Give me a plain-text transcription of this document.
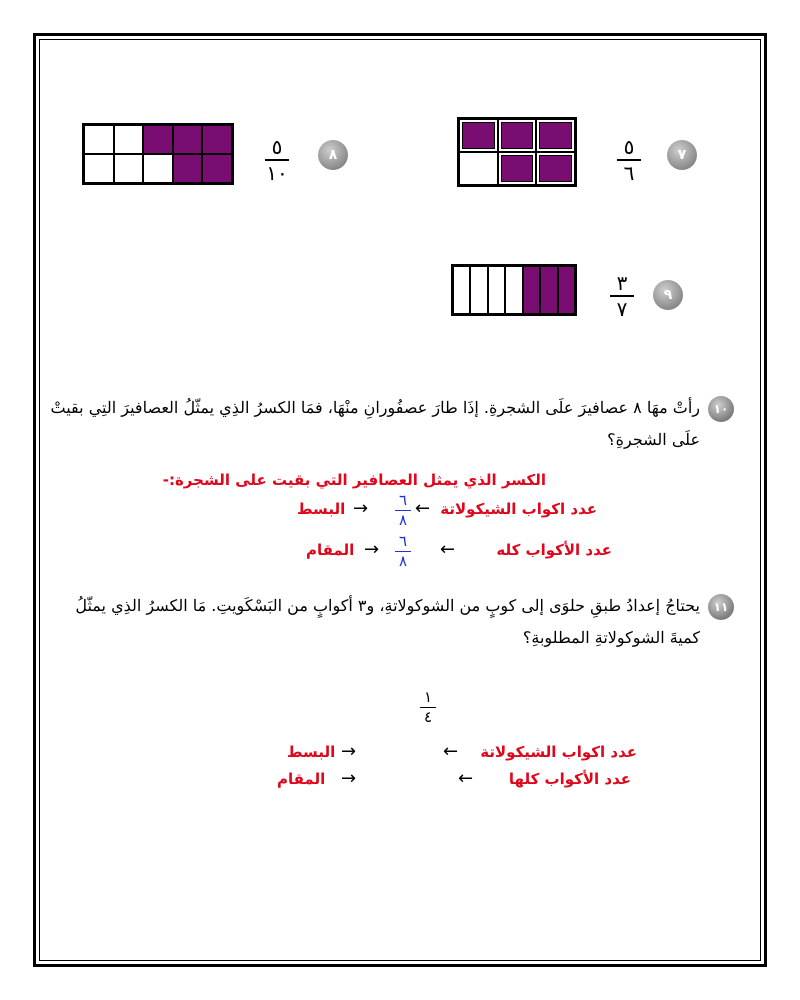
٥
١٠
٨	٥
٦
٧
٣
٧
٩
١٠رأتْ مهَا ٨ عصافيرَ علَى الشجرةِ. إذَا طارَ عصفُورانِ منْهَا، فمَا الكسرُ الذِي يمثّلُ العصافيرَ التِي بقيتْ
علَى الشجرةِ؟
الكسر الذي يمثل العصافير التي بقيت على الشجرة:-
عدد اكواب الشيكولاتة
←
٦
٨
→
البسط
عدد الأكواب كله
←
٦
٨
→
المقام
١١يحتاجُ إعدادُ طبقِ حلوَى إلى كوبٍ من الشوكولاتةِ، و٣ أكوابٍ من البَسْكَويتِ. مَا الكسرُ الذِي يمثّلُ
كميةَ الشوكولاتةِ المطلوبةِ؟
١
٤
عدد اكواب الشيكولاتة
←
→
البسط
عدد الأكواب كلها
←
→
المقام
